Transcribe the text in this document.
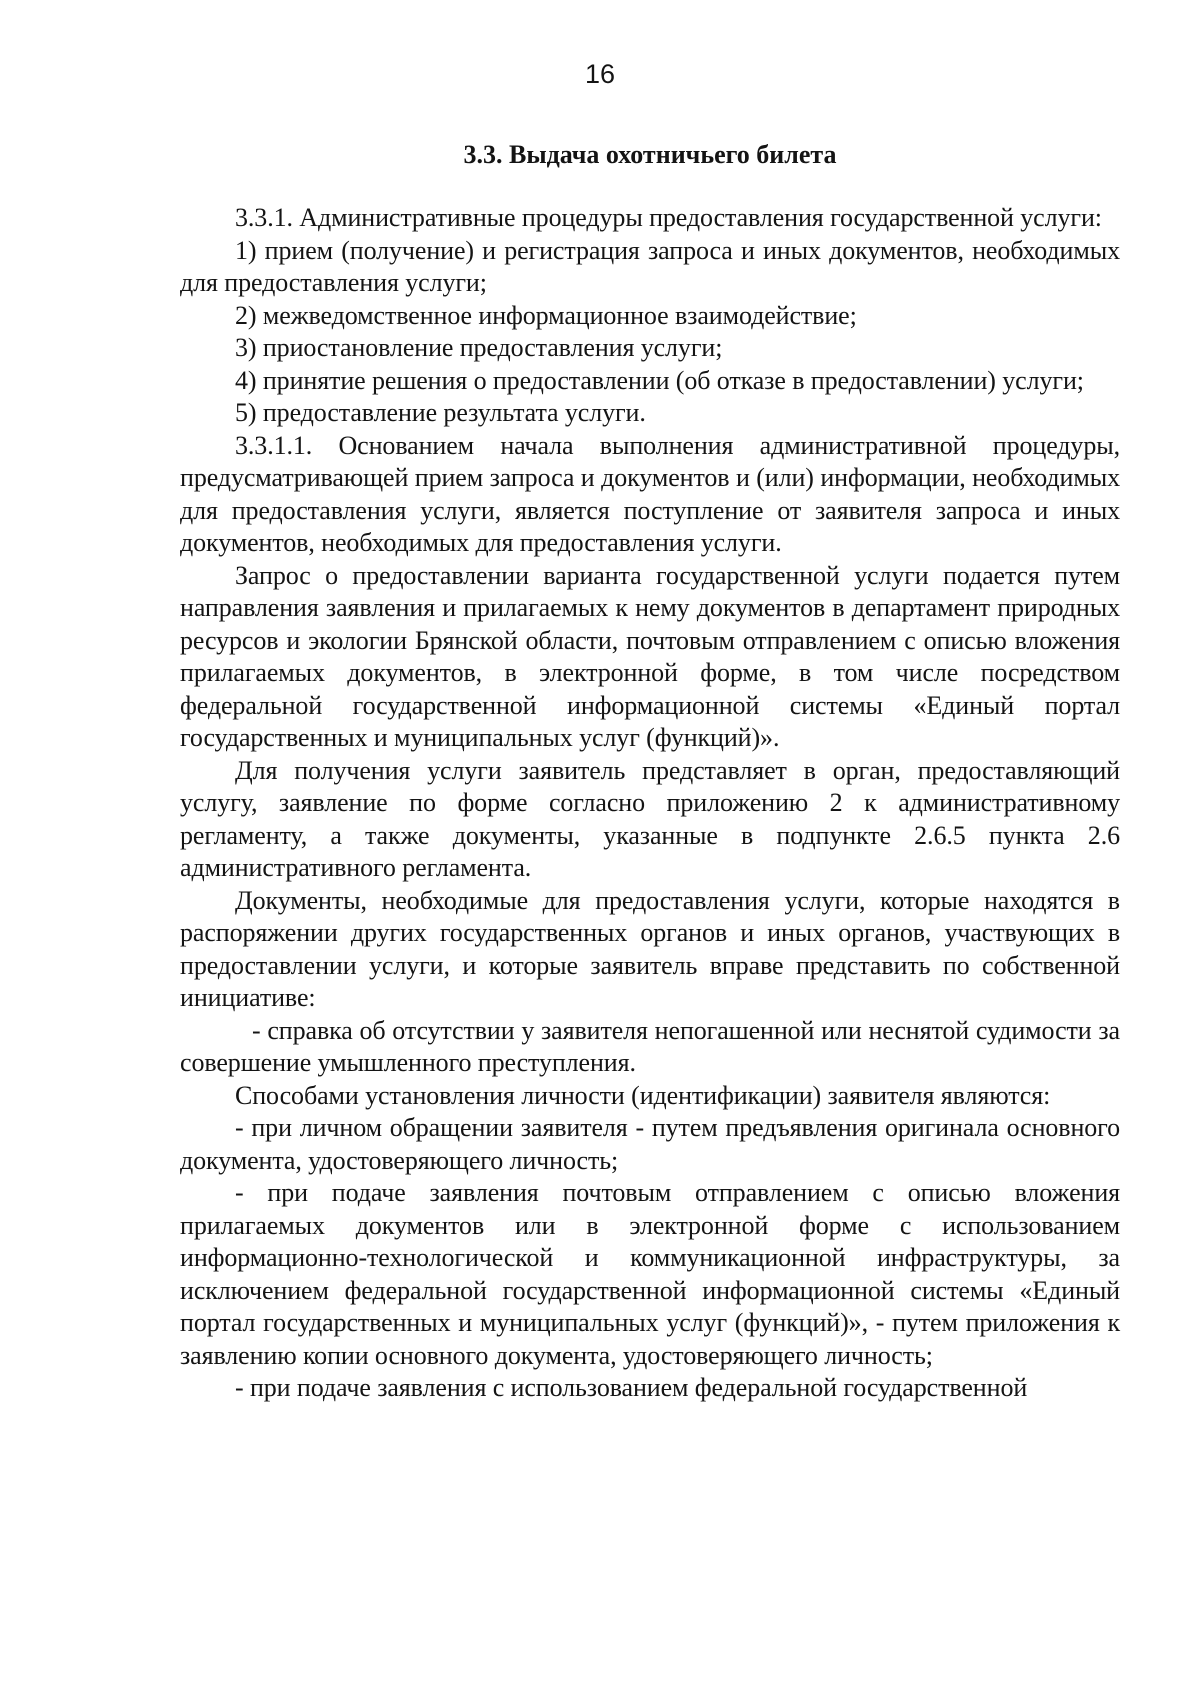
16
3.3. Выдача охотничьего билета

3.3.1. Административные процедуры предоставления государственной услуги:

1) прием (получение) и регистрация запроса и иных документов, необходимых для предоставления услуги;

2) межведомственное информационное взаимодействие;

3) приостановление предоставления услуги;

4) принятие решения о предоставлении (об отказе в предоставлении) услуги;

5) предоставление результата услуги.

3.3.1.1. Основанием начала выполнения административной процедуры, предусматривающей прием запроса и документов и (или) информации, необходимых для предоставления услуги, является поступление от заявителя запроса и иных документов, необходимых для предоставления услуги.

Запрос о предоставлении варианта государственной услуги подается путем направления заявления и прилагаемых к нему документов в департамент природных ресурсов и экологии Брянской области, почтовым отправлением с описью вложения прилагаемых документов, в электронной форме, в том числе посредством федеральной государственной информационной системы «Единый портал государственных и муниципальных услуг (функций)».

Для получения услуги заявитель представляет в орган, предоставляющий услугу, заявление по форме согласно приложению 2 к административному регламенту, а также документы, указанные в подпункте 2.6.5 пункта 2.6 административного регламента.

Документы, необходимые для предоставления услуги, которые находятся в распоряжении других государственных органов и иных органов, участвующих в предоставлении услуги, и которые заявитель вправе представить по собственной инициативе:

- справка об отсутствии у заявителя непогашенной или неснятой судимости за совершение умышленного преступления.

Способами установления личности (идентификации) заявителя являются:

- при личном обращении заявителя - путем предъявления оригинала основного документа, удостоверяющего личность;

- при подаче заявления почтовым отправлением с описью вложения прилагаемых документов или в электронной форме с использованием информационно-технологической и коммуникационной инфраструктуры, за исключением федеральной государственной информационной системы «Единый портал государственных и муниципальных услуг (функций)», - путем приложения к заявлению копии основного документа, удостоверяющего личность;

- при подаче заявления с использованием федеральной государственной
